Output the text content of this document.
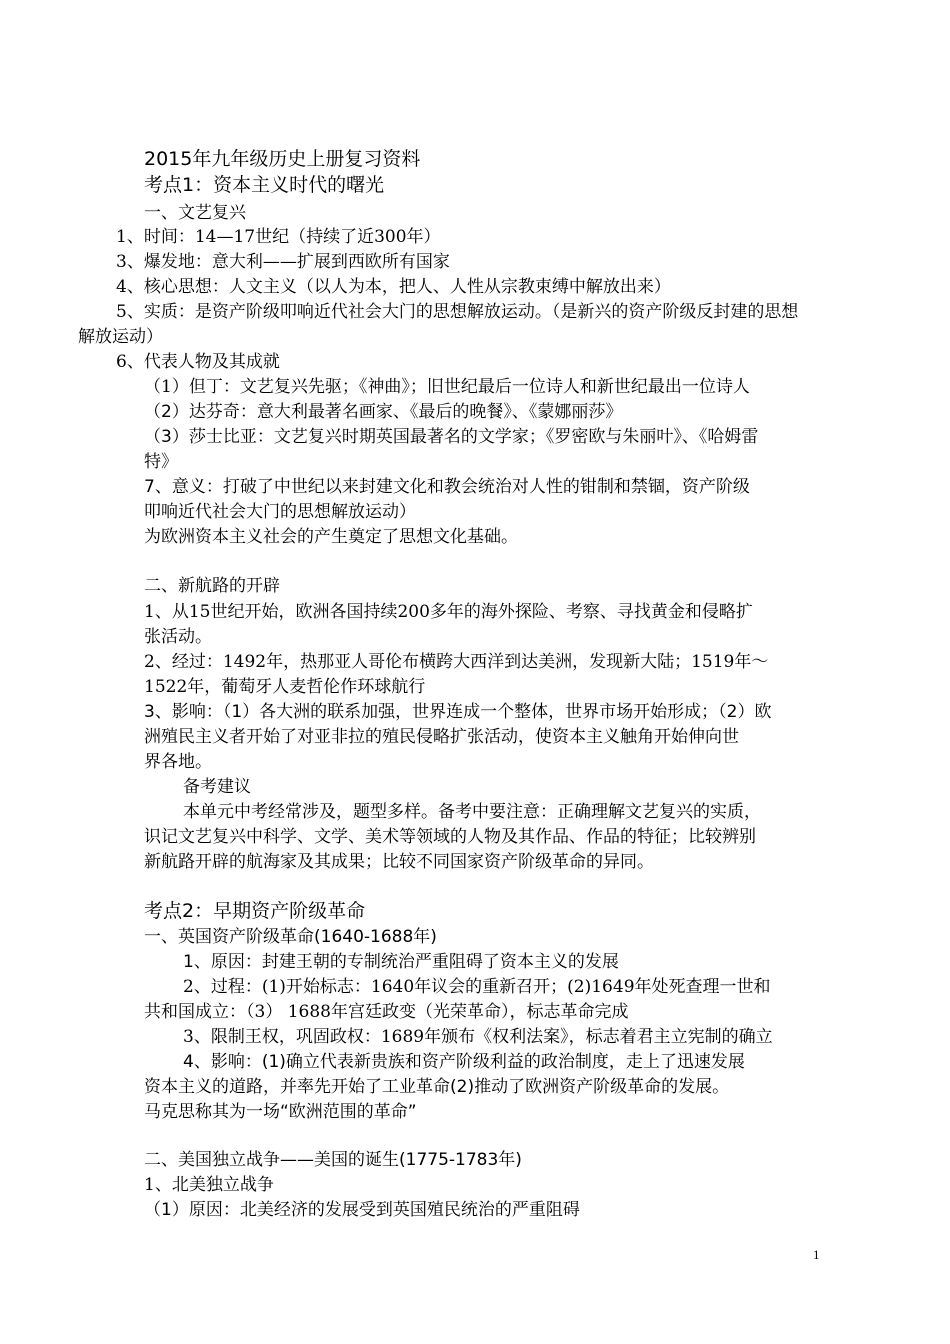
2015年九年级历史上册复习资料
考点1：资本主义时代的曙光
一、文艺复兴
1、时间：14—17世纪（持续了近300年）
3、爆发地：意大利——扩展到西欧所有国家
4、核心思想：人文主义（以人为本，把人、人性从宗教束缚中解放出来）
5、实质：是资产阶级叩响近代社会大门的思想解放运动。（是新兴的资产阶级反封建的思想
解放运动）
6、代表人物及其成就
（1）但丁：文艺复兴先驱；《神曲》；旧世纪最后一位诗人和新世纪最出一位诗人
（2）达芬奇：意大利最著名画家、《最后的晚餐》、《蒙娜丽莎》
（3）莎士比亚：文艺复兴时期英国最著名的文学家；《罗密欧与朱丽叶》、《哈姆雷
特》
7、意义：打破了中世纪以来封建文化和教会统治对人性的钳制和禁锢，资产阶级
叩响近代社会大门的思想解放运动）
为欧洲资本主义社会的产生奠定了思想文化基础。
二、新航路的开辟
1、从15世纪开始，欧洲各国持续200多年的海外探险、考察、寻找黄金和侵略扩
张活动。
2、经过：1492年，热那亚人哥伦布横跨大西洋到达美洲，发现新大陆；1519年～
1522年，葡萄牙人麦哲伦作环球航行
3、影响：（1）各大洲的联系加强，世界连成一个整体，世界市场开始形成；（2）欧
洲殖民主义者开始了对亚非拉的殖民侵略扩张活动，使资本主义触角开始伸向世
界各地。
备考建议
本单元中考经常涉及，题型多样。备考中要注意：正确理解文艺复兴的实质，
识记文艺复兴中科学、文学、美术等领域的人物及其作品、作品的特征；比较辨别
新航路开辟的航海家及其成果；比较不同国家资产阶级革命的异同。
考点2：早期资产阶级革命
一、英国资产阶级革命(1640-1688年)
1、原因：封建王朝的专制统治严重阻碍了资本主义的发展
2、过程：(1)开始标志：1640年议会的重新召开；(2)1649年处死查理一世和
共和国成立：（3） 1688年宫廷政变（光荣革命），标志革命完成
3、限制王权，巩固政权：1689年颁布《权利法案》，标志着君主立宪制的确立
4、影响：(1)确立代表新贵族和资产阶级利益的政治制度，走上了迅速发展
资本主义的道路，并率先开始了工业革命(2)推动了欧洲资产阶级革命的发展。
马克思称其为一场“欧洲范围的革命”
二、美国独立战争——美国的诞生(1775-1783年)
1、北美独立战争
（1）原因：北美经济的发展受到英国殖民统治的严重阻碍
1
